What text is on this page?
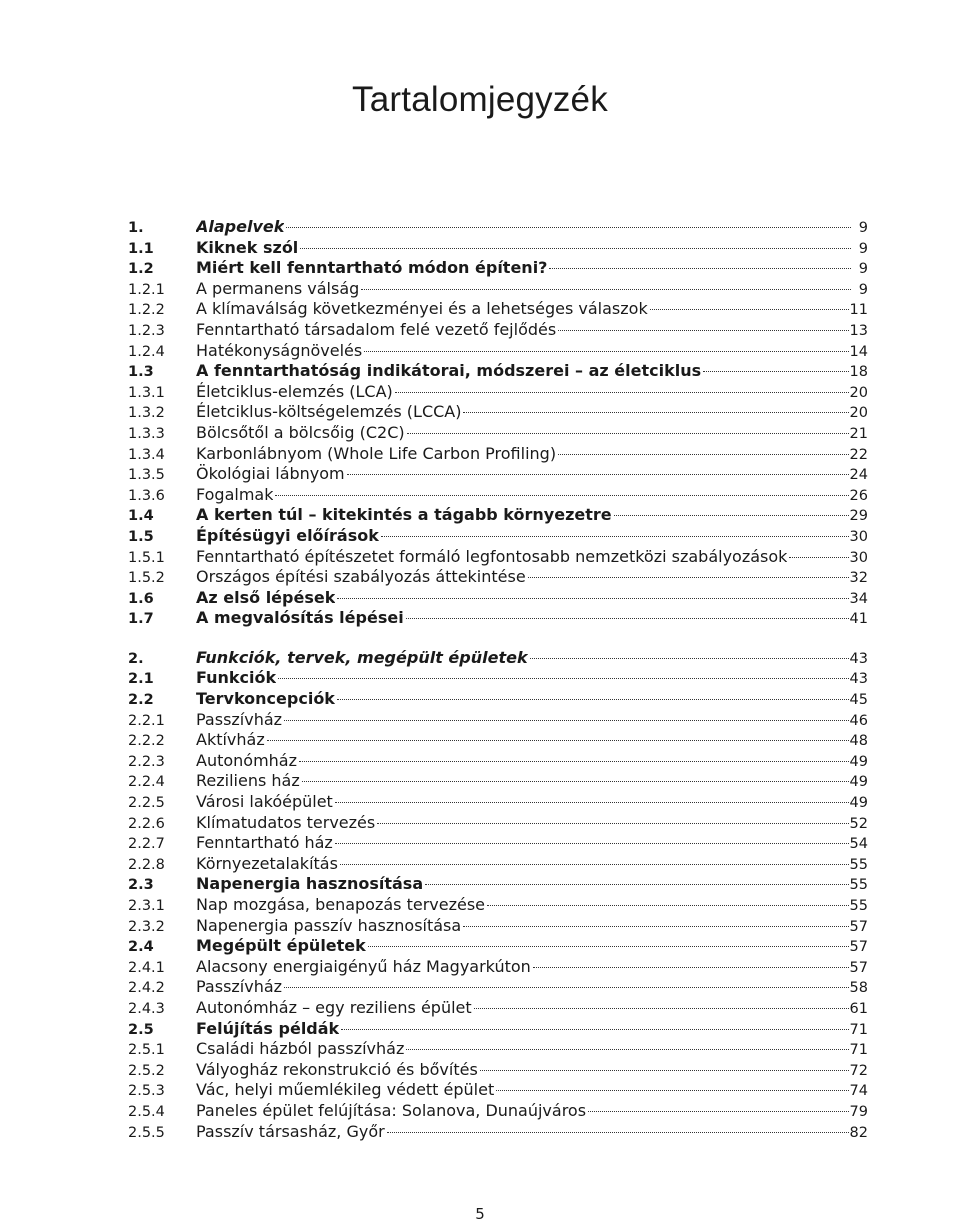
Tartalomjegyzék
1.	Alapelvek	9
1.1	Kiknek szól	9
1.2	Miért kell fenntartható módon építeni?	9
1.2.1	A permanens válság	9
1.2.2	A klímaválság következményei és a lehetséges válaszok	11
1.2.3	Fenntartható társadalom felé vezető fejlődés	13
1.2.4	Hatékonyságnövelés	14
1.3	A fenntarthatóság indikátorai, módszerei – az életciklus	18
1.3.1	Életciklus-elemzés (LCA)	20
1.3.2	Életciklus-költségelemzés (LCCA)	20
1.3.3	Bölcsőtől a bölcsőig (C2C)	21
1.3.4	Karbonlábnyom (Whole Life Carbon Profiling)	22
1.3.5	Ökológiai lábnyom	24
1.3.6	Fogalmak	26
1.4	A kerten túl – kitekintés a tágabb környezetre	29
1.5	Építésügyi előírások	30
1.5.1	Fenntartható építészetet formáló legfontosabb nemzetközi szabályozások	30
1.5.2	Országos építési szabályozás áttekintése	32
1.6	Az első lépések	34
1.7	A megvalósítás lépései	41
2.	Funkciók, tervek, megépült épületek	43
2.1	Funkciók	43
2.2	Tervkoncepciók	45
2.2.1	Passzívház	46
2.2.2	Aktívház	48
2.2.3	Autonómház	49
2.2.4	Reziliens ház	49
2.2.5	Városi lakóépület	49
2.2.6	Klímatudatos tervezés	52
2.2.7	Fenntartható ház	54
2.2.8	Környezetalakítás	55
2.3	Napenergia hasznosítása	55
2.3.1	Nap mozgása, benapozás tervezése	55
2.3.2	Napenergia passzív hasznosítása	57
2.4	Megépült épületek	57
2.4.1	Alacsony energiaigényű ház Magyarkúton	57
2.4.2	Passzívház	58
2.4.3	Autonómház – egy reziliens épület	61
2.5	Felújítás példák	71
2.5.1	Családi házból passzívház	71
2.5.2	Vályogház rekonstrukció és bővítés	72
2.5.3	Vác, helyi műemlékileg védett épület	74
2.5.4	Paneles épület felújítása: Solanova, Dunaújváros	79
2.5.5	Passzív társasház, Győr	82
5
